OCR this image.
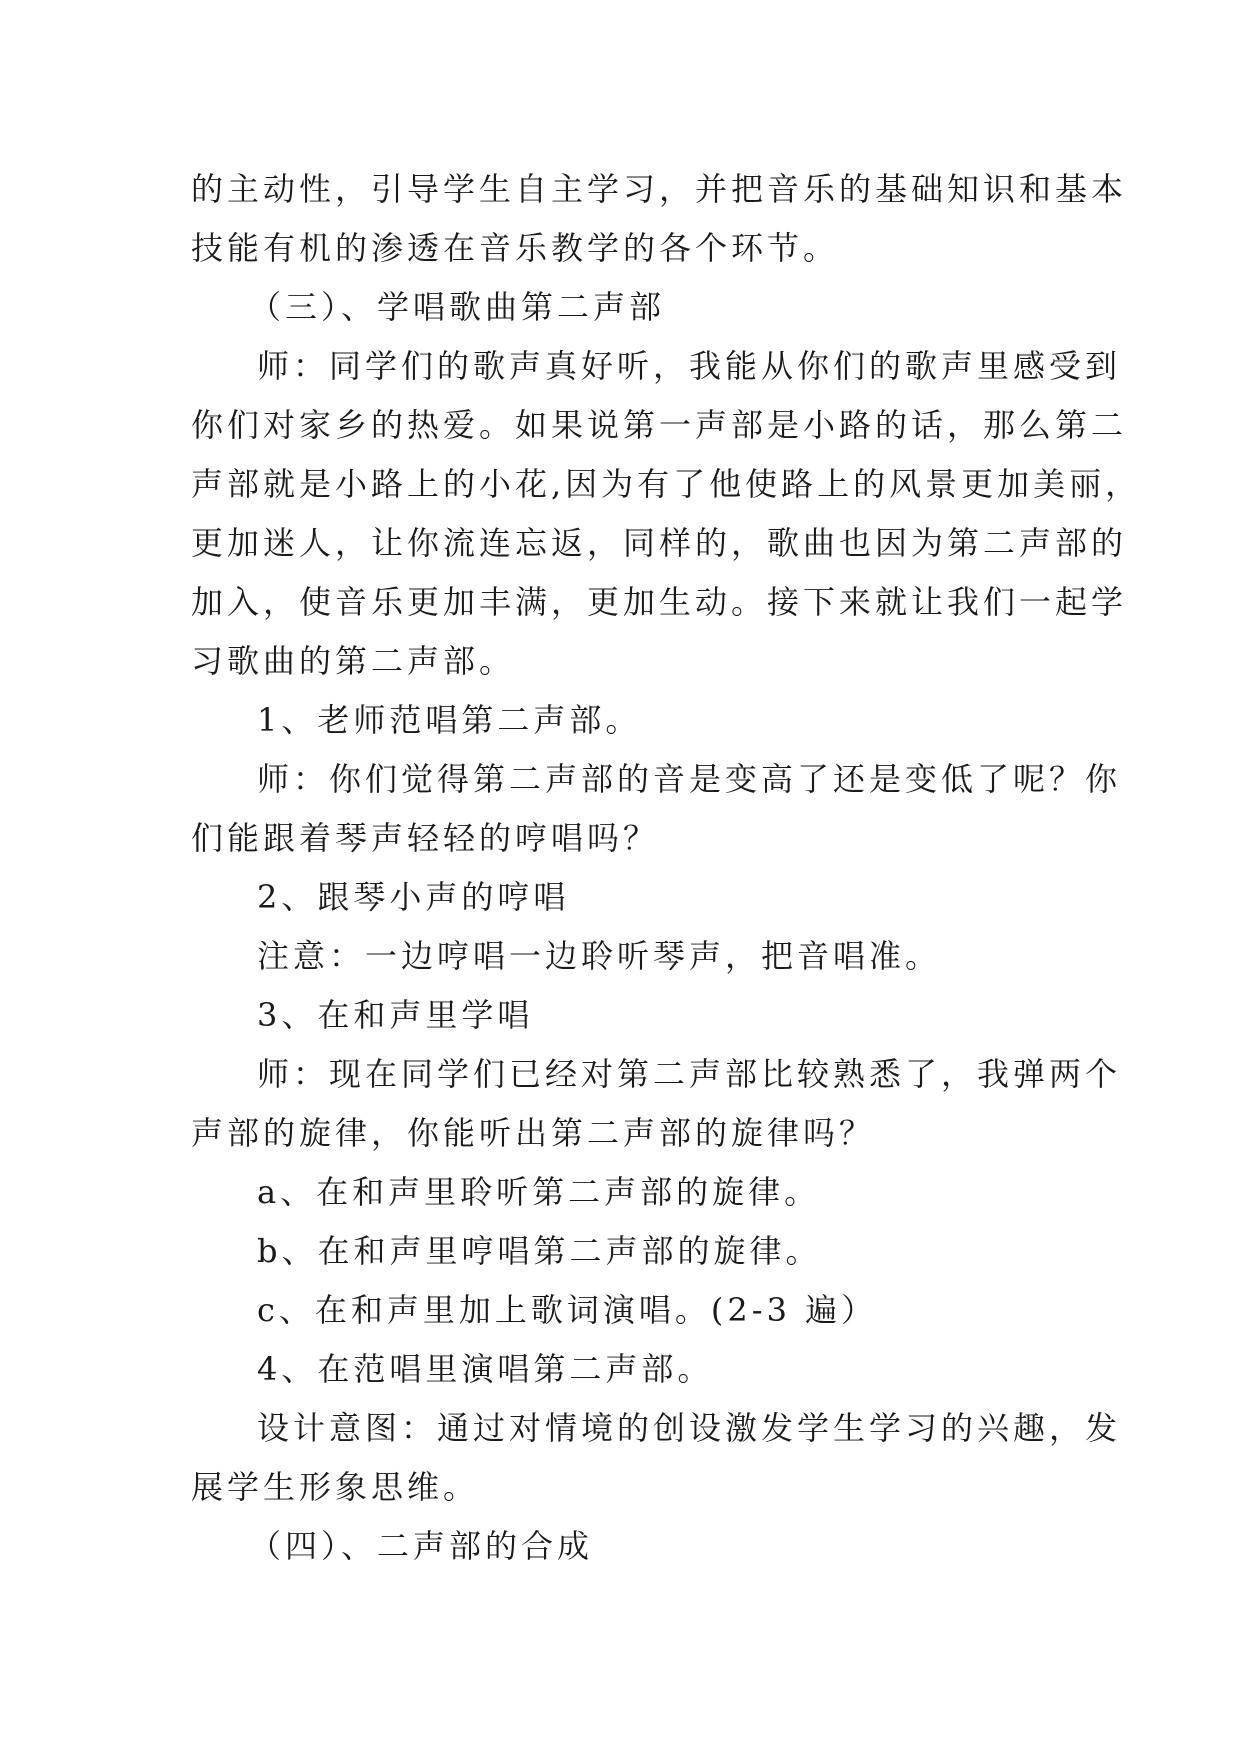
的主动性，引导学生自主学习，并把音乐的基础知识和基本
技能有机的渗透在音乐教学的各个环节。
（三）、学唱歌曲第二声部
师：同学们的歌声真好听，我能从你们的歌声里感受到
你们对家乡的热爱。如果说第一声部是小路的话，那么第二
声部就是小路上的小花,因为有了他使路上的风景更加美丽，
更加迷人，让你流连忘返，同样的，歌曲也因为第二声部的
加入，使音乐更加丰满，更加生动。接下来就让我们一起学
习歌曲的第二声部。
1、老师范唱第二声部。
师：你们觉得第二声部的音是变高了还是变低了呢？你
们能跟着琴声轻轻的哼唱吗？
2、跟琴小声的哼唱
注意：一边哼唱一边聆听琴声，把音唱准。
3、在和声里学唱
师：现在同学们已经对第二声部比较熟悉了，我弹两个
声部的旋律，你能听出第二声部的旋律吗？
a、在和声里聆听第二声部的旋律。
b、在和声里哼唱第二声部的旋律。
c、在和声里加上歌词演唱。(2-3 遍）
4、在范唱里演唱第二声部。
设计意图：通过对情境的创设激发学生学习的兴趣，发
展学生形象思维。
（四）、二声部的合成
